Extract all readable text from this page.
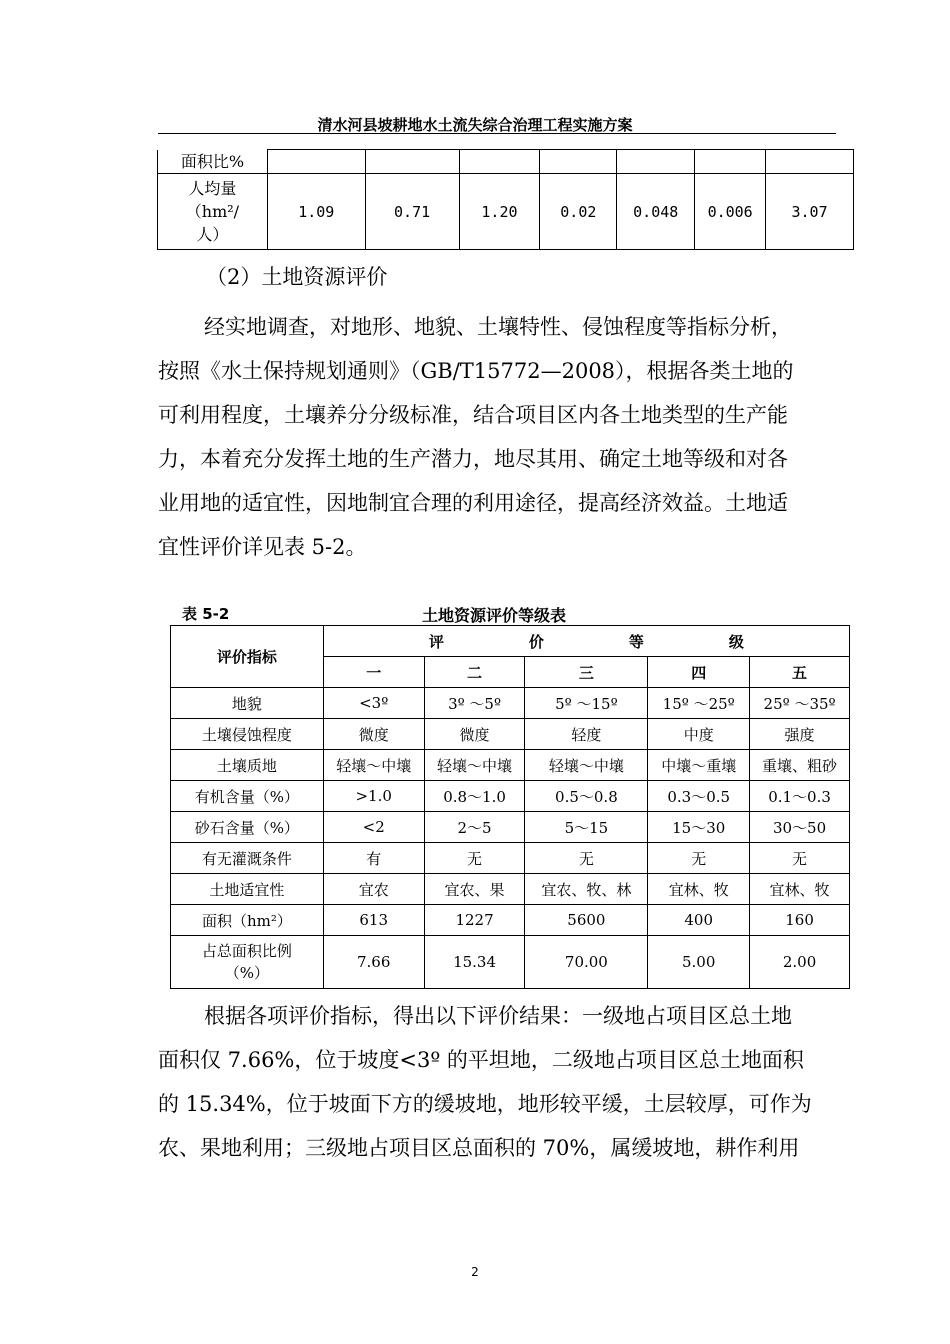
清水河县坡耕地水土流失综合治理工程实施方案
面积比%							

人均量
（hm²/
人）	1.09	0.71	1.20	0.02	0.048	0.006	3.07
（2）土地资源评价
经实地调查，对地形、地貌、土壤特性、侵蚀程度等指标分析，
按照《水土保持规划通则》（GB/T15772—2008），根据各类土地的
可利用程度，土壤养分分级标准，结合项目区内各土地类型的生产能
力，本着充分发挥土地的生产潜力，地尽其用、确定土地等级和对各
业用地的适宜性，因地制宜合理的利用途径，提高经济效益。土地适
宜性评价详见表 5-2。
表 5-2	土地资源评价等级表
评价指标	评 价 等 级				
	一	二	三	四	五
地貌	<3º	3º ～5º	5º ～15º	15º ～25º	25º ～35º
土壤侵蚀程度	微度	微度	轻度	中度	强度
土壤质地	轻壤～中壤	轻壤～中壤	轻壤～中壤	中壤～重壤	重壤、粗砂
有机含量（%）	>1.0	0.8～1.0	0.5～0.8	0.3～0.5	0.1～0.3
砂石含量（%）	<2	2～5	5～15	15～30	30～50
有无灌溉条件	有	无	无	无	无
土地适宜性	宜农	宜农、果	宜农、牧、林	宜林、牧	宜林、牧
面积（hm²）	613	1227	5600	400	160

占总面积比例
（%）	7.66	15.34	70.00	5.00	2.00
根据各项评价指标，得出以下评价结果：一级地占项目区总土地
面积仅 7.66%，位于坡度<3º 的平坦地，二级地占项目区总土地面积
的 15.34%，位于坡面下方的缓坡地，地形较平缓，土层较厚，可作为
农、果地利用；三级地占项目区总面积的 70%，属缓坡地，耕作利用
2
